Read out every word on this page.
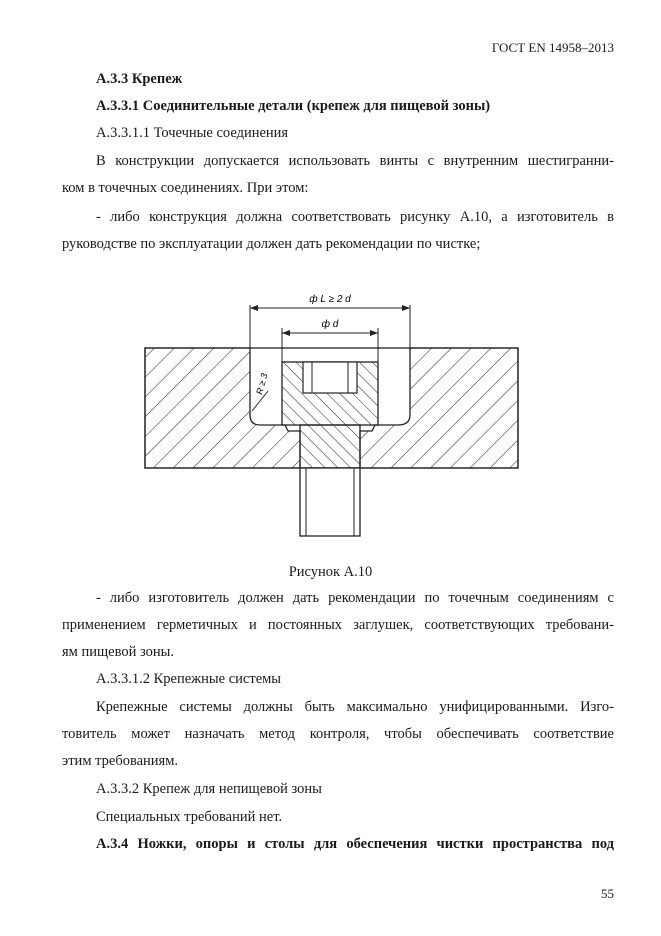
ГОСТ EN 14958–2013
А.3.3 Крепеж
А.3.3.1 Соединительные детали (крепеж для пищевой зоны)
А.3.3.1.1 Точечные соединения
В конструкции допускается использовать винты с внутренним шестигранни-
ком в точечных соединениях. При этом:
- либо конструкция должна соответствовать рисунку А.10, а изготовитель в
руководстве по эксплуатации должен дать рекомендации по чистке;
ф L ≥ 2 d
ф d
R ≥ 3
Рисунок А.10
- либо изготовитель должен дать рекомендации по точечным соединениям с
применением герметичных и постоянных заглушек, соответствующих требовани-
ям пищевой зоны.
А.3.3.1.2 Крепежные системы
Крепежные системы должны быть максимально унифицированными. Изго-
товитель может назначать метод контроля, чтобы обеспечивать соответствие
этим требованиям.
А.3.3.2 Крепеж для непищевой зоны
Специальных требований нет.
А.3.4 Ножки, опоры и столы для обеспечения чистки пространства под
55
